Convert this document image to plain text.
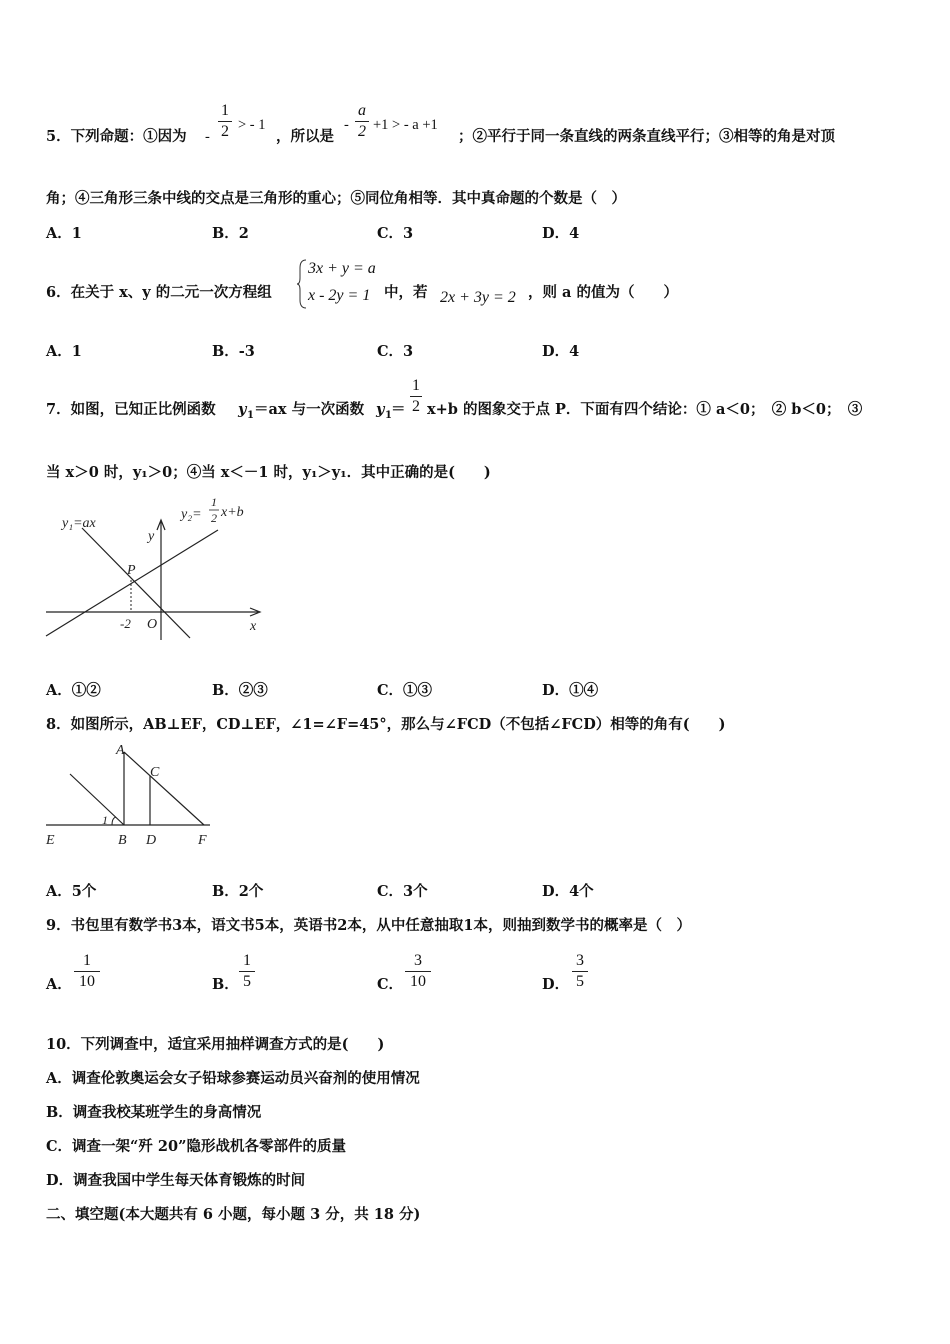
5．下列命题：①因为 -
1
2 > - 1
，所以是
-
a
2 +1 > - a +1
；②平行于同一条直线的两条直线平行；③相等的角是对顶
角；④三角形三条中线的交点是三角形的重心；⑤同位角相等．其中真命题的个数是（　）
A．1	B．2	C．3	D．4
6．在关于 x、y 的二元一次方程组
3x + y = a
x - 2y = 1 中，若 2x + 3y = 2 ，则 a 的值为（　　）
A．1	B．-3	C．3	D．4
7．如图，已知正比例函数 y 1 ＝ax 与一次函数 y 1 ＝
1
2 x+b 的图象交于点 P．下面有四个结论：① a＜0；　② b＜0；　③
当 x＞0 时，y₁＞0；④当 x＜－1 时，y₁＞y₁．其中正确的是(　　)
y₁=ax
y₂=
1
2 x+b
y
x
P
O
-2
A．①②	B．②③	C．①③	D．①④
8．如图所示，AB⊥EF，CD⊥EF，∠1=∠F=45°，那么与∠FCD（不包括∠FCD）相等的角有(　　)
A
C
E	B D	F
1
A．5个	B．2个	C．3个	D．4个
9．书包里有数学书3本，语文书5本，英语书2本，从中任意抽取1本，则抽到数学书的概率是（　）
A．
1
10	B．
1
5	C．
3
10	D．
3
5
10．下列调查中，适宜采用抽样调查方式的是(　　)
A．调查伦敦奥运会女子铅球参赛运动员兴奋剂的使用情况
B．调查我校某班学生的身高情况
C．调查一架“歼 20”隐形战机各零部件的质量
D．调查我国中学生每天体育锻炼的时间
二、填空题(本大题共有 6 小题，每小题 3 分，共 18 分)
